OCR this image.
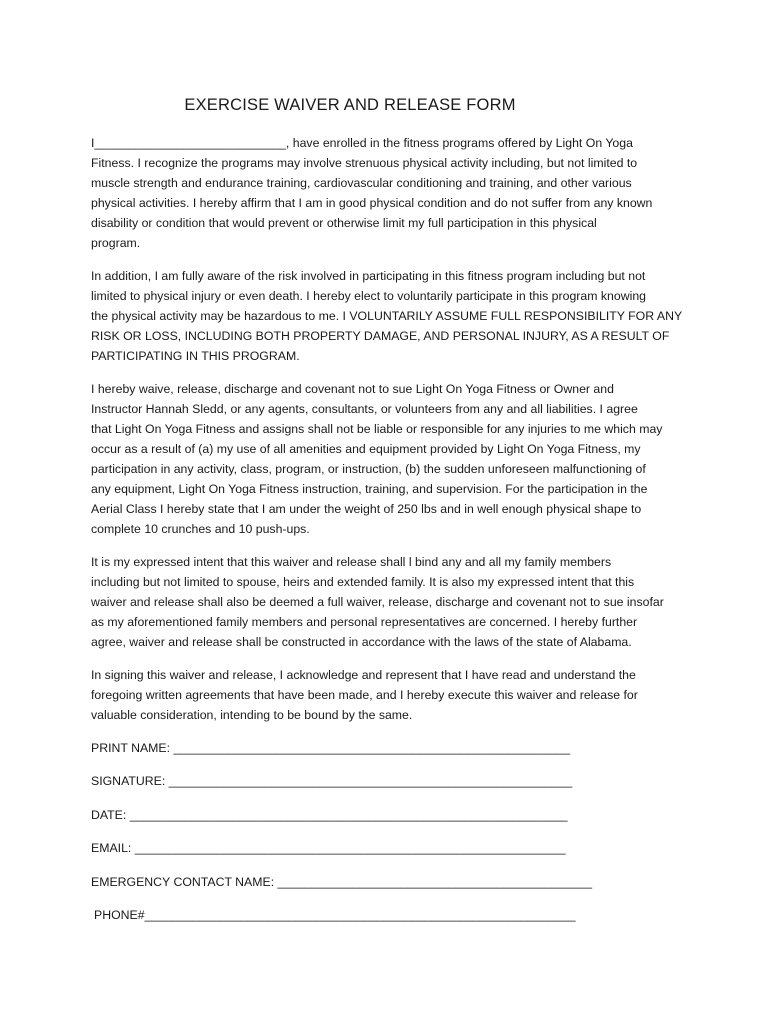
EXERCISE WAIVER AND RELEASE FORM

I____________________________, have enrolled in the fitness programs offered by Light On Yoga
Fitness. I recognize the programs may involve strenuous physical activity including, but not limited to
muscle strength and endurance training, cardiovascular conditioning and training, and other various
physical activities. I hereby affirm that I am in good physical condition and do not suffer from any known
disability or condition that would prevent or otherwise limit my full participation in this physical
program.

In addition, I am fully aware of the risk involved in participating in this fitness program including but not
limited to physical injury or even death. I hereby elect to voluntarily participate in this program knowing
the physical activity may be hazardous to me. I VOLUNTARILY ASSUME FULL RESPONSIBILITY FOR ANY
RISK OR LOSS, INCLUDING BOTH PROPERTY DAMAGE, AND PERSONAL INJURY, AS A RESULT OF
PARTICIPATING IN THIS PROGRAM.

I hereby waive, release, discharge and covenant not to sue Light On Yoga Fitness or Owner and
Instructor Hannah Sledd, or any agents, consultants, or volunteers from any and all liabilities. I agree
that Light On Yoga Fitness and assigns shall not be liable or responsible for any injuries to me which may
occur as a result of (a) my use of all amenities and equipment provided by Light On Yoga Fitness, my
participation in any activity, class, program, or instruction, (b) the sudden unforeseen malfunctioning of
any equipment, Light On Yoga Fitness instruction, training, and supervision. For the participation in the
Aerial Class I hereby state that I am under the weight of 250 lbs and in well enough physical shape to
complete 10 crunches and 10 push-ups.

It is my expressed intent that this waiver and release shall l bind any and all my family members
including but not limited to spouse, heirs and extended family. It is also my expressed intent that this
waiver and release shall also be deemed a full waiver, release, discharge and covenant not to sue insofar
as my aforementioned family members and personal representatives are concerned. I hereby further
agree, waiver and release shall be constructed in accordance with the laws of the state of Alabama.

In signing this waiver and release, I acknowledge and represent that I have read and understand the
foregoing written agreements that have been made, and I hereby execute this waiver and release for
valuable consideration, intending to be bound by the same.

PRINT NAME: __________________________________________________________
SIGNATURE: ___________________________________________________________
DATE: ________________________________________________________________
EMAIL: _______________________________________________________________
EMERGENCY CONTACT NAME: ______________________________________________
PHONE#_______________________________________________________________
